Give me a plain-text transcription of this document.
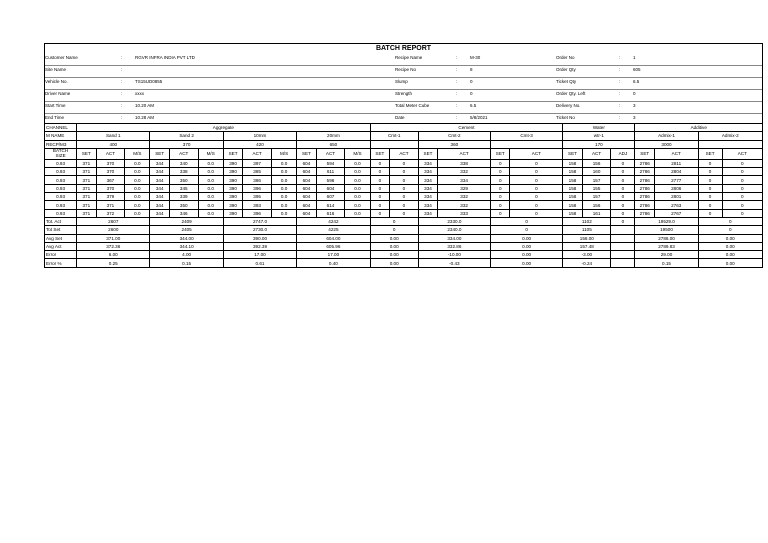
BATCH REPORT
Customer Name	:	RGVR INFRA INDIA PVT LTD
Site Name	:
Vehicle No.	:	TS15UD0855
Driver Name	:	xxxx
Start Time	:	10.20 AM
End Time	:	10.28 AM
Recipe Name	:	M-30
Recipe No	:	8
Slump	:	0
Strength	:	0
Total Meter Cube	:	6.5
Date	:	5/8/2021
Order No	:	1
Order Qty	:	605
Ticket Qty	:	6.5
Order Qty. Left	:	0
Delivery No.	:	3
Ticket No	:	3
CHANNEL	Aggregate												Cement						Water			Additive			
M NAME	Sand 1			Sand 2			10mm			20mm			Cmt-1		Cmt-2		Cmt-3		wtr-1			Admix-1		Admix-2	
RECP/M3	400			370			420			650					360				170			3000			
BATCH
SIZE	SET	ACT	M/S	SET	ACT	M/S	SET	ACT	M/S	SET	ACT	M/S	SET	ACT	SET	ACT	SET	ACT	SET	ACT	ADJ	SET	ACT	SET	ACT
0.93	371	370	0.0	344	340	0.0	390	397	0.0	604	594	0.0	0	0	334	338	0	0	158	156	0	2786	2811	0	0
0.93	371	370	0.0	344	338	0.0	390	385	0.0	604	611	0.0	0	0	334	332	0	0	158	160	0	2786	2804	0	0
0.93	371	367	0.0	344	350	0.0	390	386	0.0	604	596	0.0	0	0	334	334	0	0	158	157	0	2786	2777	0	0
0.93	371	370	0.0	344	345	0.0	390	396	0.0	604	604	0.0	0	0	334	329	0	0	158	155	0	2786	2806	0	0
0.93	371	379	0.0	344	339	0.0	390	395	0.0	604	607	0.0	0	0	334	332	0	0	158	157	0	2786	2801	0	0
0.93	371	371	0.0	344	350	0.0	390	393	0.0	604	614	0.0	0	0	334	332	0	0	158	156	0	2786	2763	0	0
0.93	371	372	0.0	344	346	0.0	390	396	0.0	604	616	0.0	0	0	334	333	0	0	158	161	0	2786	2767	0	0
Tot. Act	2607			2409			2747.0			4242			0		2330.0		0		1102		0	19529.0		0	
Tot Set	2600			2405			2730.0			4225			0		2340.0		0		1105			19500		0	
Avg Set	371.00			344.00			390.00			604.00			0.00		334.00		0.00		158.00			2786.00		0.00	
Avg Act	372.36			344.10			392.39			605.96			0.00		332.86		0.00		157.48			2789.83		0.00	
Error	6.00			4.00			17.00			17.00			0.00		-10.00		0.00		-3.00			29.00		0.00	
Error %	0.25			0.15			0.61			0.40			0.00		-0.43		0.00		-0.24			0.15		0.00	
